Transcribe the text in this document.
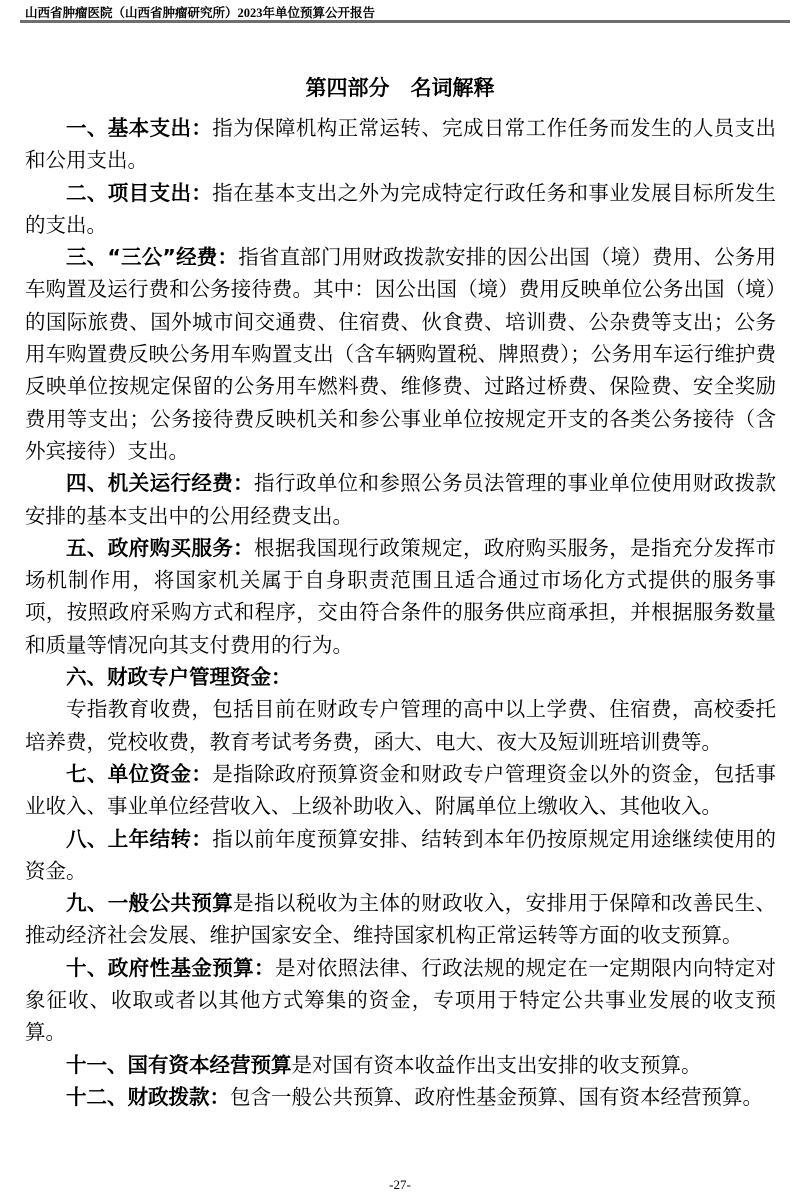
山西省肿瘤医院（山西省肿瘤研究所）2023年单位预算公开报告
第四部分　名词解释

一、基本支出：指为保障机构正常运转、完成日常工作任务而发生的人员支出和公用支出。

二、项目支出：指在基本支出之外为完成特定行政任务和事业发展目标所发生的支出。

三、“三公”经费：指省直部门用财政拨款安排的因公出国（境）费用、公务用车购置及运行费和公务接待费。其中：因公出国（境）费用反映单位公务出国（境）的国际旅费、国外城市间交通费、住宿费、伙食费、培训费、公杂费等支出；公务用车购置费反映公务用车购置支出（含车辆购置税、牌照费）；公务用车运行维护费反映单位按规定保留的公务用车燃料费、维修费、过路过桥费、保险费、安全奖励费用等支出；公务接待费反映机关和参公事业单位按规定开支的各类公务接待（含外宾接待）支出。

四、机关运行经费：指行政单位和参照公务员法管理的事业单位使用财政拨款安排的基本支出中的公用经费支出。

五、政府购买服务：根据我国现行政策规定，政府购买服务，是指充分发挥市场机制作用，将国家机关属于自身职责范围且适合通过市场化方式提供的服务事项，按照政府采购方式和程序，交由符合条件的服务供应商承担，并根据服务数量和质量等情况向其支付费用的行为。

六、财政专户管理资金：

专指教育收费，包括目前在财政专户管理的高中以上学费、住宿费，高校委托培养费，党校收费，教育考试考务费，函大、电大、夜大及短训班培训费等。

七、单位资金：是指除政府预算资金和财政专户管理资金以外的资金，包括事业收入、事业单位经营收入、上级补助收入、附属单位上缴收入、其他收入。

八、上年结转：指以前年度预算安排、结转到本年仍按原规定用途继续使用的资金。

九、一般公共预算是指以税收为主体的财政收入，安排用于保障和改善民生、推动经济社会发展、维护国家安全、维持国家机构正常运转等方面的收支预算。

十、政府性基金预算：是对依照法律、行政法规的规定在一定期限内向特定对象征收、收取或者以其他方式筹集的资金，专项用于特定公共事业发展的收支预算。

十一、国有资本经营预算是对国有资本收益作出支出安排的收支预算。

十二、财政拨款：包含一般公共预算、政府性基金预算、国有资本经营预算。

-27-
